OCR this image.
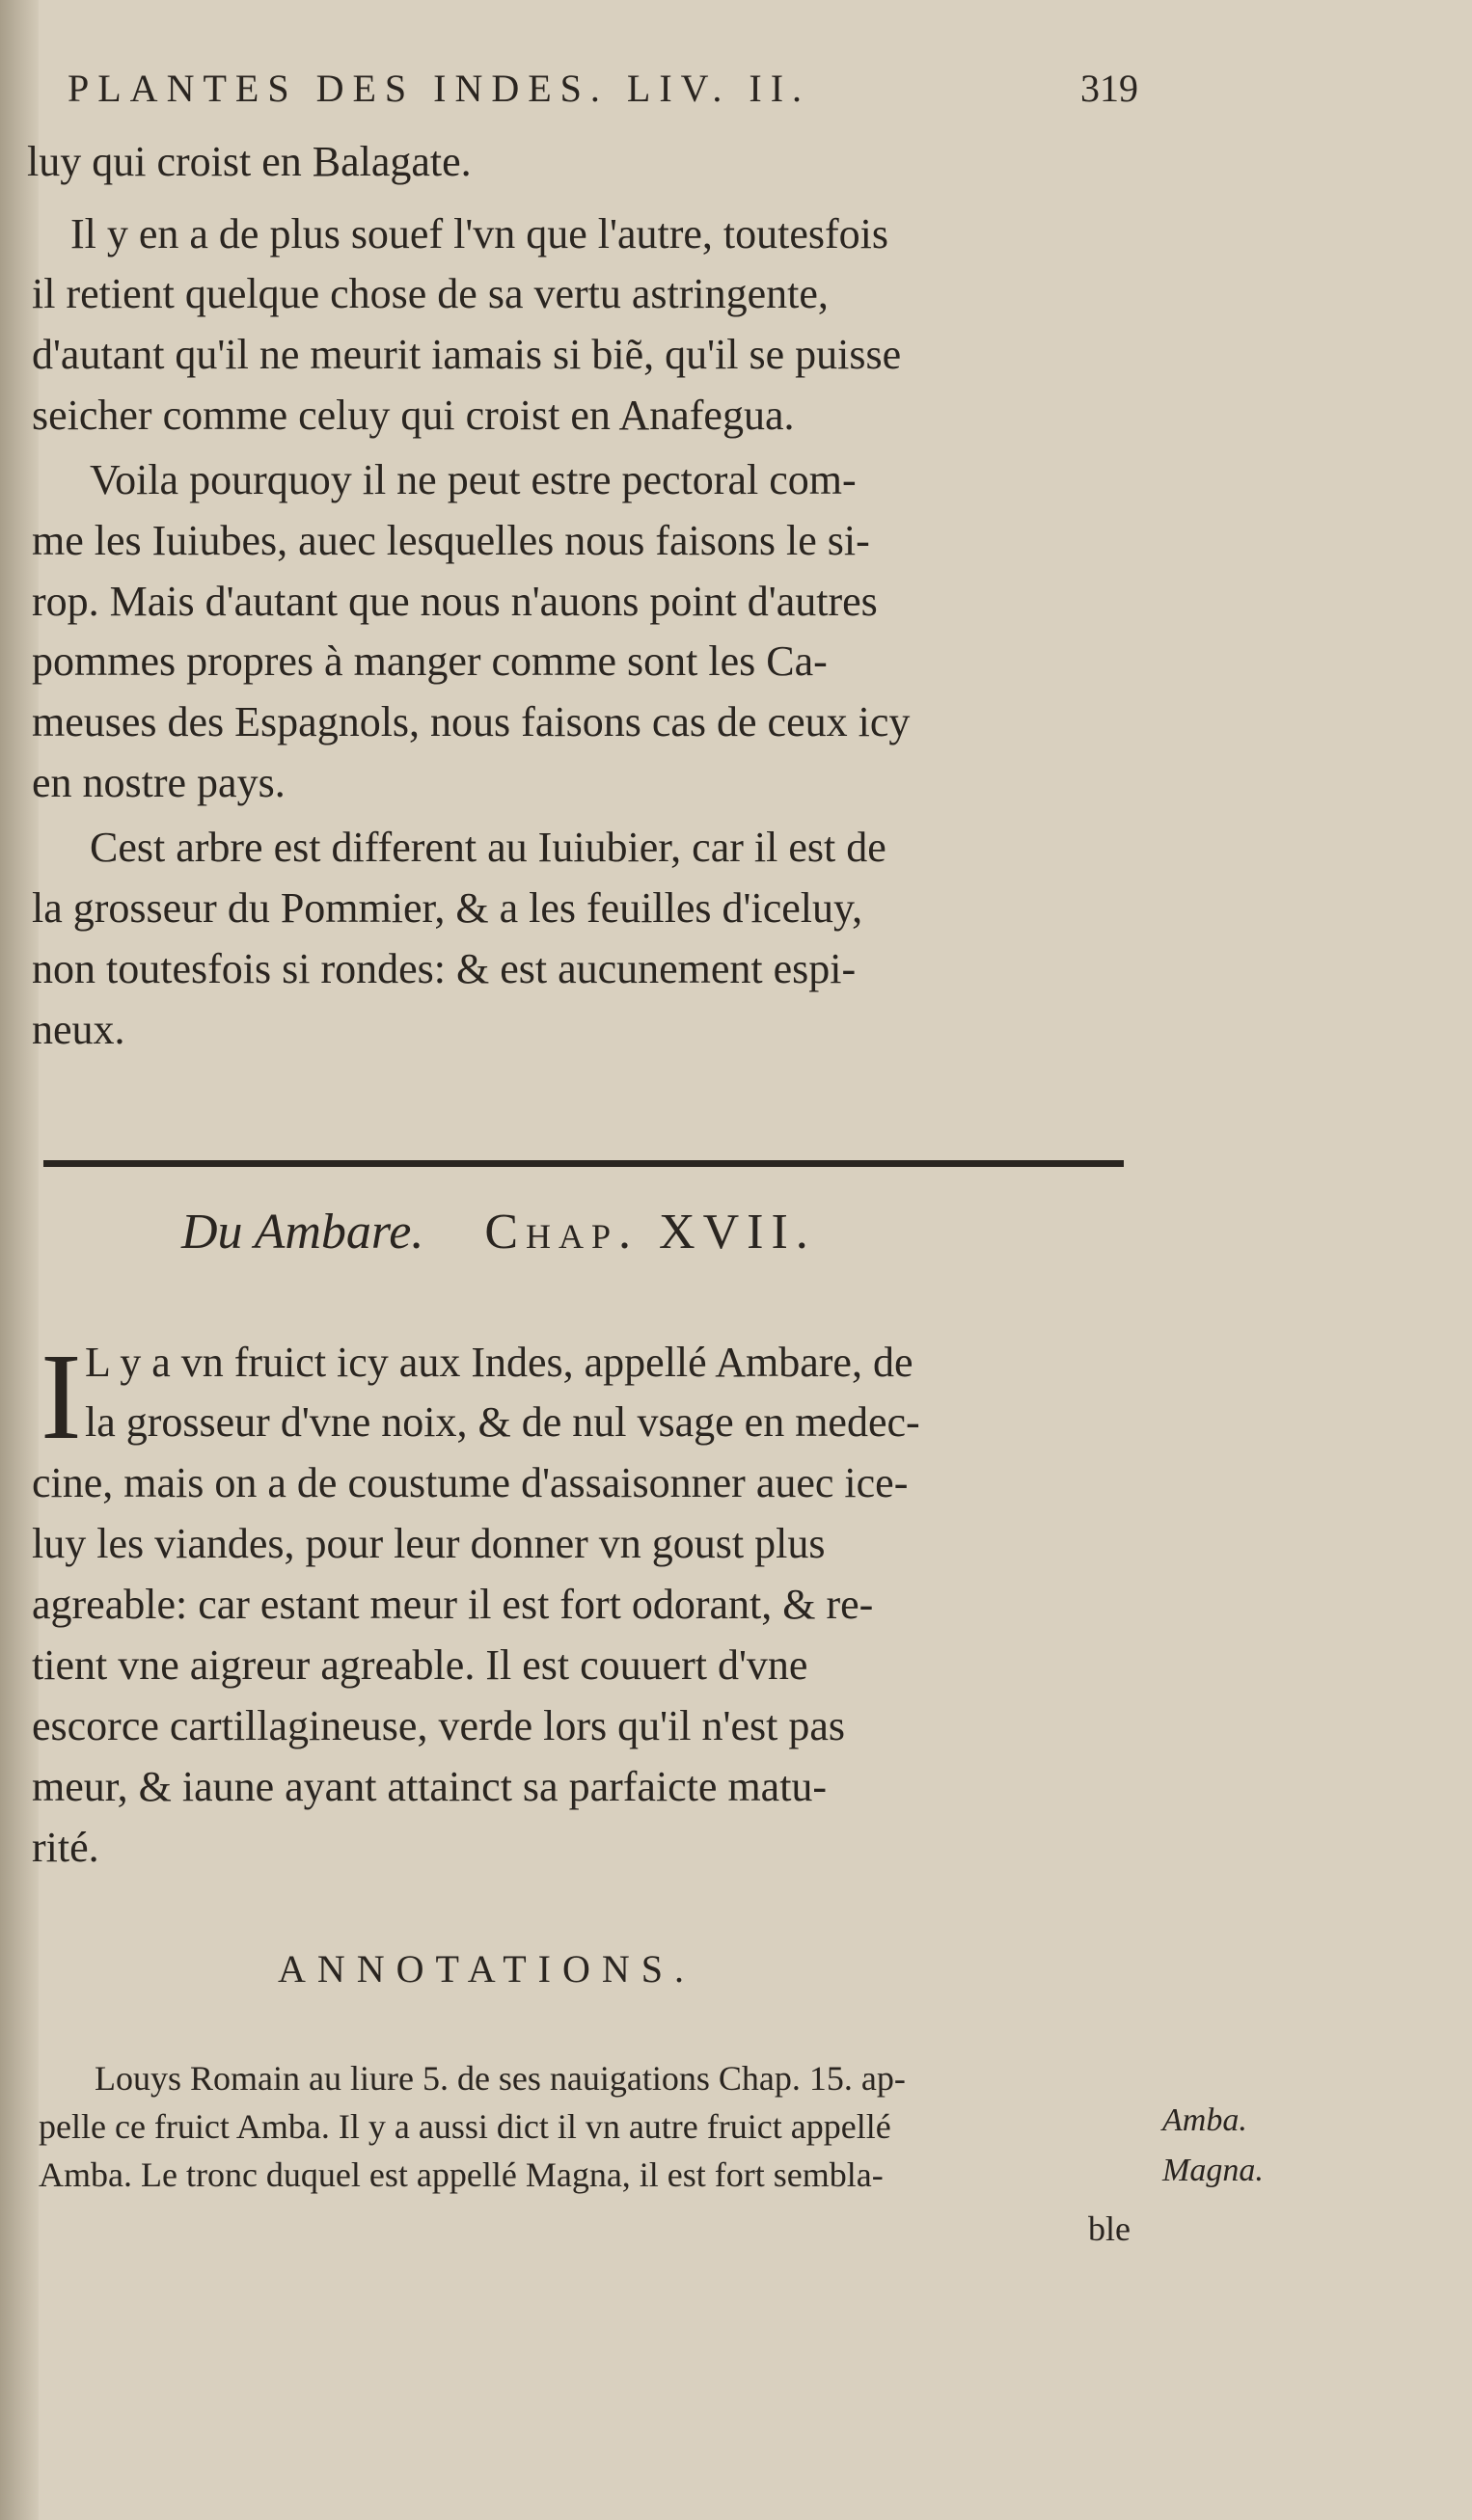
PLANTES DES INDES. LIV. II.	319
luy qui croist en Balagate.
Il y en a de plus souef l'vn que l'autre, toutesfois
il retient quelque chose de sa vertu astringente,
d'autant qu'il ne meurit iamais si biẽ, qu'il se puisse
seicher comme celuy qui croist en Anafegua.
Voila pourquoy il ne peut estre pectoral com-
me les Iuiubes, auec lesquelles nous faisons le si-
rop. Mais d'autant que nous n'auons point d'autres
pommes propres à manger comme sont les Ca-
meuses des Espagnols, nous faisons cas de ceux icy
en nostre pays.
Cest arbre est different au Iuiubier, car il est de
la grosseur du Pommier, & a les feuilles d'iceluy,
non toutesfois si rondes: & est aucunement espi-
neux.
Du Ambare. Chap. XVII.
I L y a vn fruict icy aux Indes, appellé Ambare, de
la grosseur d'vne noix, & de nul vsage en medec-
cine, mais on a de coustume d'assaisonner auec ice-
luy les viandes, pour leur donner vn goust plus
agreable: car estant meur il est fort odorant, & re-
tient vne aigreur agreable. Il est couuert d'vne
escorce cartillagineuse, verde lors qu'il n'est pas
meur, & iaune ayant attainct sa parfaicte matu-
rité.
ANNOTATIONS.
Louys Romain au liure 5. de ses nauigations Chap. 15. ap-
pelle ce fruict Amba. Il y a aussi dict il vn autre fruict appellé
Amba. Le tronc duquel est appellé Magna, il est fort sembla-
Amba.
Magna.
ble
